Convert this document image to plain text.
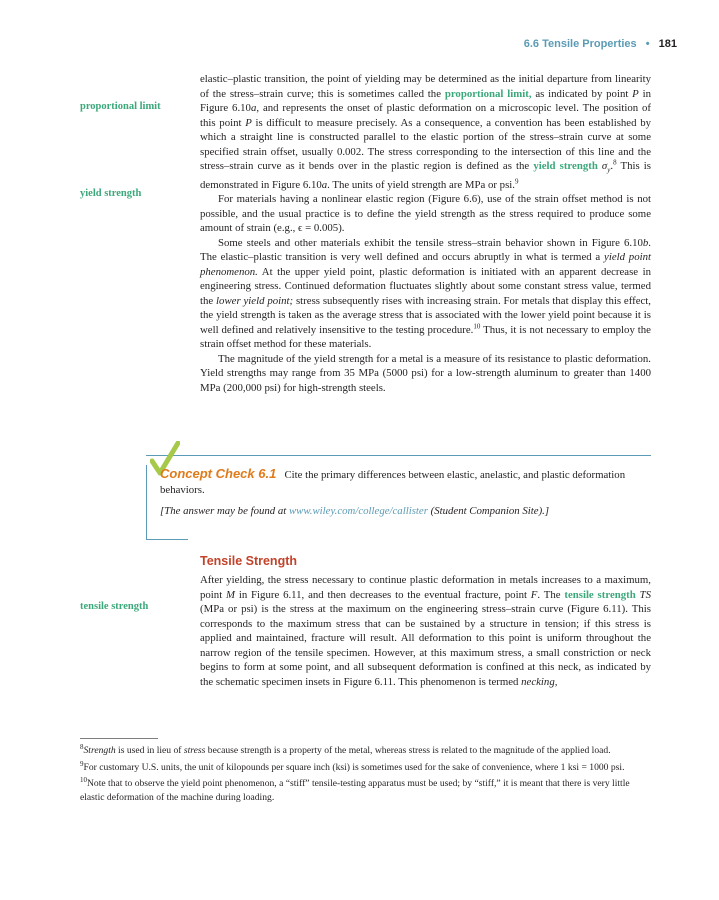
6.6 Tensile Properties • 181
proportional limit
yield strength
tensile strength

elastic–plastic transition, the point of yielding may be determined as the initial departure from linearity of the stress–strain curve; this is sometimes called the proportional limit, as indicated by point P in Figure 6.10a, and represents the onset of plastic deformation on a microscopic level. The position of this point P is difficult to measure precisely. As a consequence, a convention has been established by which a straight line is constructed parallel to the elastic portion of the stress–strain curve at some specified strain offset, usually 0.002. The stress corresponding to the intersection of this line and the stress–strain curve as it bends over in the plastic region is defined as the yield strength $\sigma_y.^8$ This is demonstrated in Figure 6.10a. The units of yield strength are MPa or psi.$^9$

For materials having a nonlinear elastic region (Figure 6.6), use of the strain offset method is not possible, and the usual practice is to define the yield strength as the stress required to produce some amount of strain (e.g., ϵ = 0.005).

Some steels and other materials exhibit the tensile stress–strain behavior shown in Figure 6.10b. The elastic–plastic transition is very well defined and occurs abruptly in what is termed a yield point phenomenon. At the upper yield point, plastic deformation is initiated with an apparent decrease in engineering stress. Continued deformation fluctuates slightly about some constant stress value, termed the lower yield point; stress subsequently rises with increasing strain. For metals that display this effect, the yield strength is taken as the average stress that is associated with the lower yield point because it is well defined and relatively insensitive to the testing procedure.$^{10}$ Thus, it is not necessary to employ the strain offset method for these materials.

The magnitude of the yield strength for a metal is a measure of its resistance to plastic deformation. Yield strengths may range from 35 MPa (5000 psi) for a low-strength aluminum to greater than 1400 MPa (200,000 psi) for high-strength steels.

Concept Check 6.1 Cite the primary differences between elastic, anelastic, and plastic deformation behaviors.
[The answer may be found at www.wiley.com/college/callister (Student Companion Site).]
Tensile Strength

After yielding, the stress necessary to continue plastic deformation in metals increases to a maximum, point M in Figure 6.11, and then decreases to the eventual fracture, point F. The tensile strength TS (MPa or psi) is the stress at the maximum on the engineering stress–strain curve (Figure 6.11). This corresponds to the maximum stress that can be sustained by a structure in tension; if this stress is applied and maintained, fracture will result. All deformation to this point is uniform throughout the narrow region of the tensile specimen. However, at this maximum stress, a small constriction or neck begins to form at some point, and all subsequent deformation is confined at this neck, as indicated by the schematic specimen insets in Figure 6.11. This phenomenon is termed necking,

$^8$Strength is used in lieu of stress because strength is a property of the metal, whereas stress is related to the magnitude of the applied load.

$^9$For customary U.S. units, the unit of kilopounds per square inch (ksi) is sometimes used for the sake of convenience, where 1 ksi = 1000 psi.

$^{10}$Note that to observe the yield point phenomenon, a “stiff” tensile-testing apparatus must be used; by “stiff,” it is meant that there is very little elastic deformation of the machine during loading.
